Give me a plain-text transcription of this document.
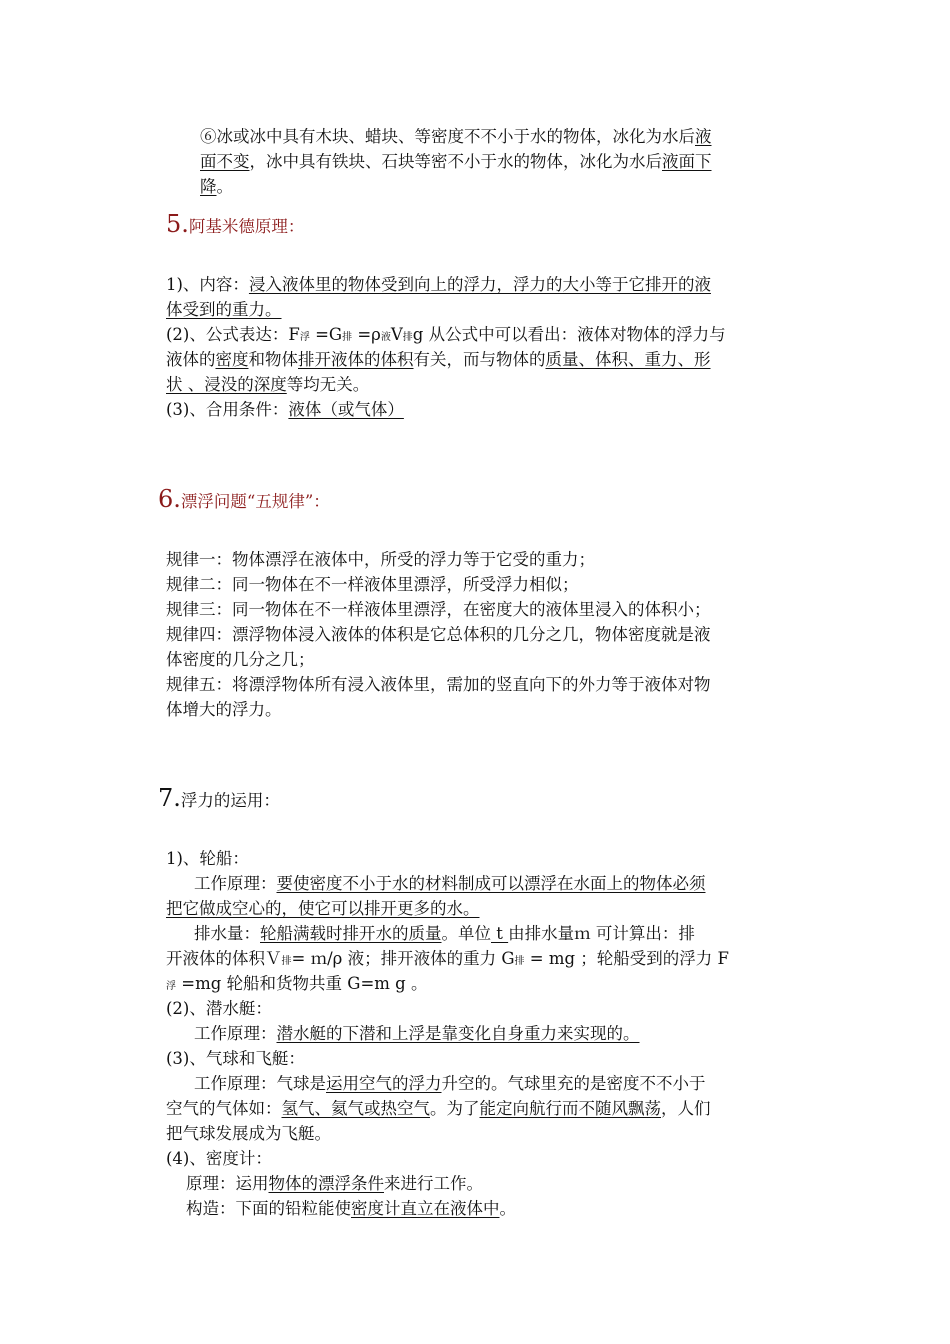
⑥冰或冰中具有木块、蜡块、等密度不不小于水的物体，冰化为水后液
面不变，冰中具有铁块、石块等密不小于水的物体，冰化为水后液面下
降。
5.阿基米德原理：
1)、内容：浸入液体里的物体受到向上的浮力，浮力的大小等于它排开的液
体受到的重力。
(2)、公式表达：F浮 =G排 =ρ液V排g 从公式中可以看出：液体对物体的浮力与
液体的密度和物体排开液体的体积有关，而与物体的质量、体积、重力、形
状 、浸没的深度等均无关。
(3)、合用条件：液体（或气体）
6.漂浮问题“五规律”：
规律一：物体漂浮在液体中，所受的浮力等于它受的重力；
规律二：同一物体在不一样液体里漂浮，所受浮力相似；
规律三：同一物体在不一样液体里漂浮，在密度大的液体里浸入的体积小；
规律四：漂浮物体浸入液体的体积是它总体积的几分之几，物体密度就是液
体密度的几分之几；
规律五：将漂浮物体所有浸入液体里，需加的竖直向下的外力等于液体对物
体增大的浮力。
7.浮力的运用：
1)、轮船：
工作原理：要使密度不小于水的材料制成可以漂浮在水面上的物体必须
把它做成空心的，使它可以排开更多的水。
排水量：轮船满载时排开水的质量。单位 t 由排水量ｍ 可计算出：排
开液体的体积Ｖ排= ｍ/ρ 液；排开液体的重力 G排 = mg ；轮船受到的浮力 F
浮 =mg 轮船和货物共重 G=m g 。
(2)、潜水艇：
工作原理：潜水艇的下潜和上浮是靠变化自身重力来实现的。
(3)、气球和飞艇：
工作原理：气球是运用空气的浮力升空的。气球里充的是密度不不小于
空气的气体如：氢气、氦气或热空气。为了能定向航行而不随风飘荡，人们
把气球发展成为飞艇。
(4)、密度计：
原理：运用物体的漂浮条件来进行工作。
构造：下面的铅粒能使密度计直立在液体中。
